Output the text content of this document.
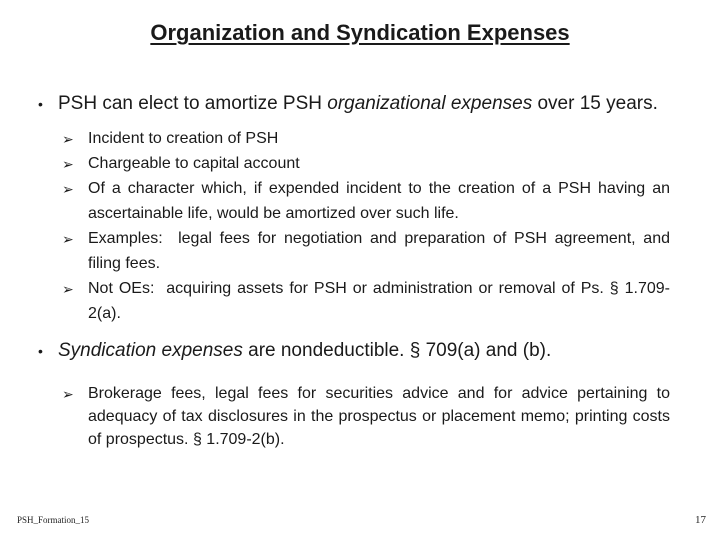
Organization and Syndication Expenses
• PSH can elect to amortize PSH organizational expenses over 15 years.
➢ Incident to creation of PSH
➢ Chargeable to capital account
➢ Of a character which, if expended incident to the creation of a PSH having an ascertainable life, would be amortized over such life.
➢ Examples:  legal fees for negotiation and preparation of PSH agreement, and filing fees.
➢ Not OEs:  acquiring assets for PSH or administration or removal of Ps. § 1.709-2(a).
• Syndication expenses are nondeductible. § 709(a) and (b).
➢ Brokerage fees, legal fees for securities advice and for advice pertaining to adequacy of tax disclosures in the prospectus or placement memo; printing costs of prospectus. § 1.709-2(b).
PSH_Formation_15	17
